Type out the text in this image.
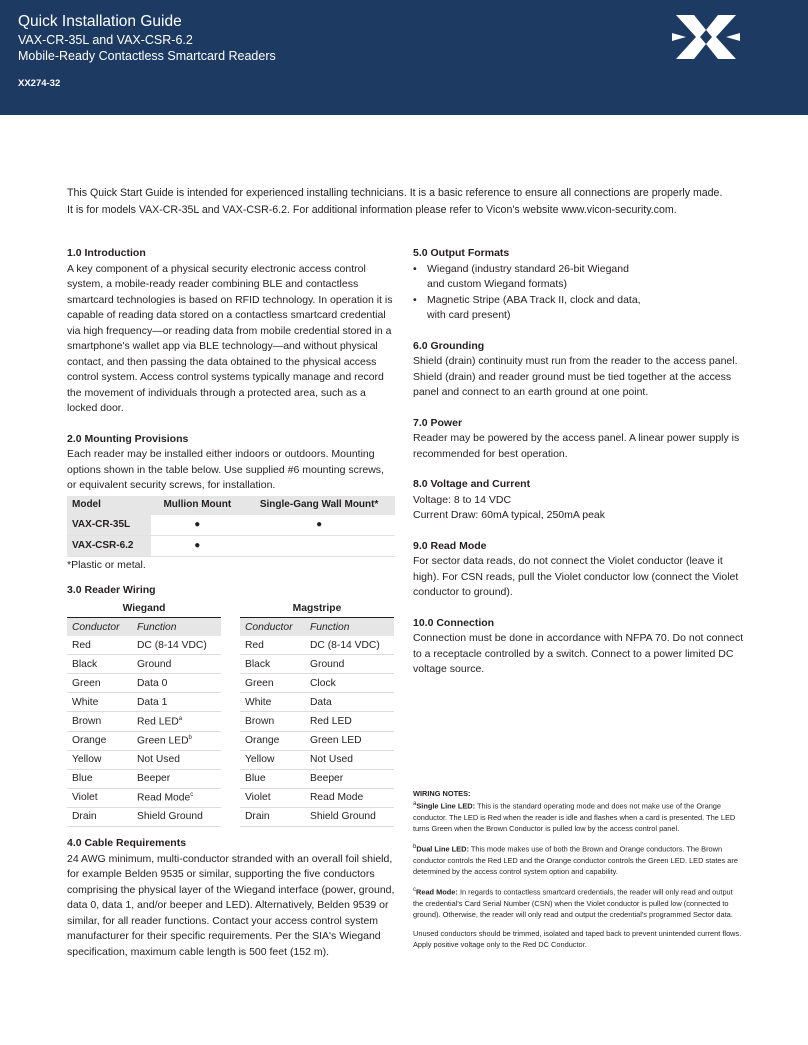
Quick Installation Guide
VAX-CR-35L and VAX-CSR-6.2
Mobile-Ready Contactless Smartcard Readers
XX274-32
This Quick Start Guide is intended for experienced installing technicians. It is a basic reference to ensure all connections are properly made.
It is for models VAX-CR-35L and VAX-CSR-6.2. For additional information please refer to Vicon's website www.vicon-security.com.
1.0 Introduction

A key component of a physical security electronic access control system, a mobile-ready reader combining BLE and contactless smartcard technologies is based on RFID technology. In operation it is capable of reading data stored on a contactless smartcard credential via high frequency—or reading data from mobile credential stored in a smartphone's wallet app via BLE technology—and without physical contact, and then passing the data obtained to the physical access control system. Access control systems typically manage and record the movement of individuals through a protected area, such as a locked door.

2.0 Mounting Provisions

Each reader may be installed either indoors or outdoors. Mounting options shown in the table below. Use supplied #6 mounting screws, or equivalent security screws, for installation.

Model	Mullion Mount	Single-Gang Wall Mount*
VAX-CR-35L	●	●
VAX-CSR-6.2	●	
*Plastic or metal.
3.0 Reader Wiring
Wiegand	
Conductor	Function
Red	DC (8-14 VDC)
Black	Ground
Green	Data 0
White	Data 1
Brown	Red LED$^a$
Orange	Green LED$^b$
Yellow	Not Used
Blue	Beeper
Violet	Read Mode$^c$
Drain	Shield Ground
Magstripe	
Conductor	Function
Red	DC (8-14 VDC)
Black	Ground
Green	Clock
White	Data
Brown	Red LED
Orange	Green LED
Yellow	Not Used
Blue	Beeper
Violet	Read Mode
Drain	Shield Ground
4.0 Cable Requirements

24 AWG minimum, multi-conductor stranded with an overall foil shield, for example Belden 9535 or similar, supporting the five conductors comprising the physical layer of the Wiegand interface (power, ground, data 0, data 1, and/or beeper and LED). Alternatively, Belden 9539 or similar, for all reader functions. Contact your access control system manufacturer for their specific requirements. Per the SIA's Wiegand specification, maximum cable length is 500 feet (152 m).

5.0 Output Formats
• Wiegand (industry standard 26-bit Wiegand
and custom Wiegand formats)
• Magnetic Stripe (ABA Track II, clock and data,
with card present)
6.0 Grounding

Shield (drain) continuity must run from the reader to the access panel. Shield (drain) and reader ground must be tied together at the access panel and connect to an earth ground at one point.

7.0 Power

Reader may be powered by the access panel. A linear power supply is recommended for best operation.

8.0 Voltage and Current
Voltage: 8 to 14 VDC
Current Draw: 60mA typical, 250mA peak
9.0 Read Mode

For sector data reads, do not connect the Violet conductor (leave it high). For CSN reads, pull the Violet conductor low (connect the Violet conductor to ground).

10.0 Connection

Connection must be done in accordance with NFPA 70. Do not connect to a receptacle controlled by a switch. Connect to a power limited DC voltage source.

WIRING NOTES:

$^a$Single Line LED: This is the standard operating mode and does not make use of the Orange conductor. The LED is Red when the reader is idle and flashes when a card is presented. The LED turns Green when the Brown Conductor is pulled low by the access control panel.

$^b$Dual Line LED: This mode makes use of both the Brown and Orange conductors. The Brown conductor controls the Red LED and the Orange conductor controls the Green LED. LED states are determined by the access control system option and capability.

$^c$Read Mode: In regards to contactless smartcard credentials, the reader will only read and output the credential's Card Serial Number (CSN) when the Violet conductor is pulled low (connected to ground). Otherwise, the reader will only read and output the credential's programmed Sector data.

Unused conductors should be trimmed, isolated and taped back to prevent unintended current flows. Apply positive voltage only to the Red DC Conductor.
